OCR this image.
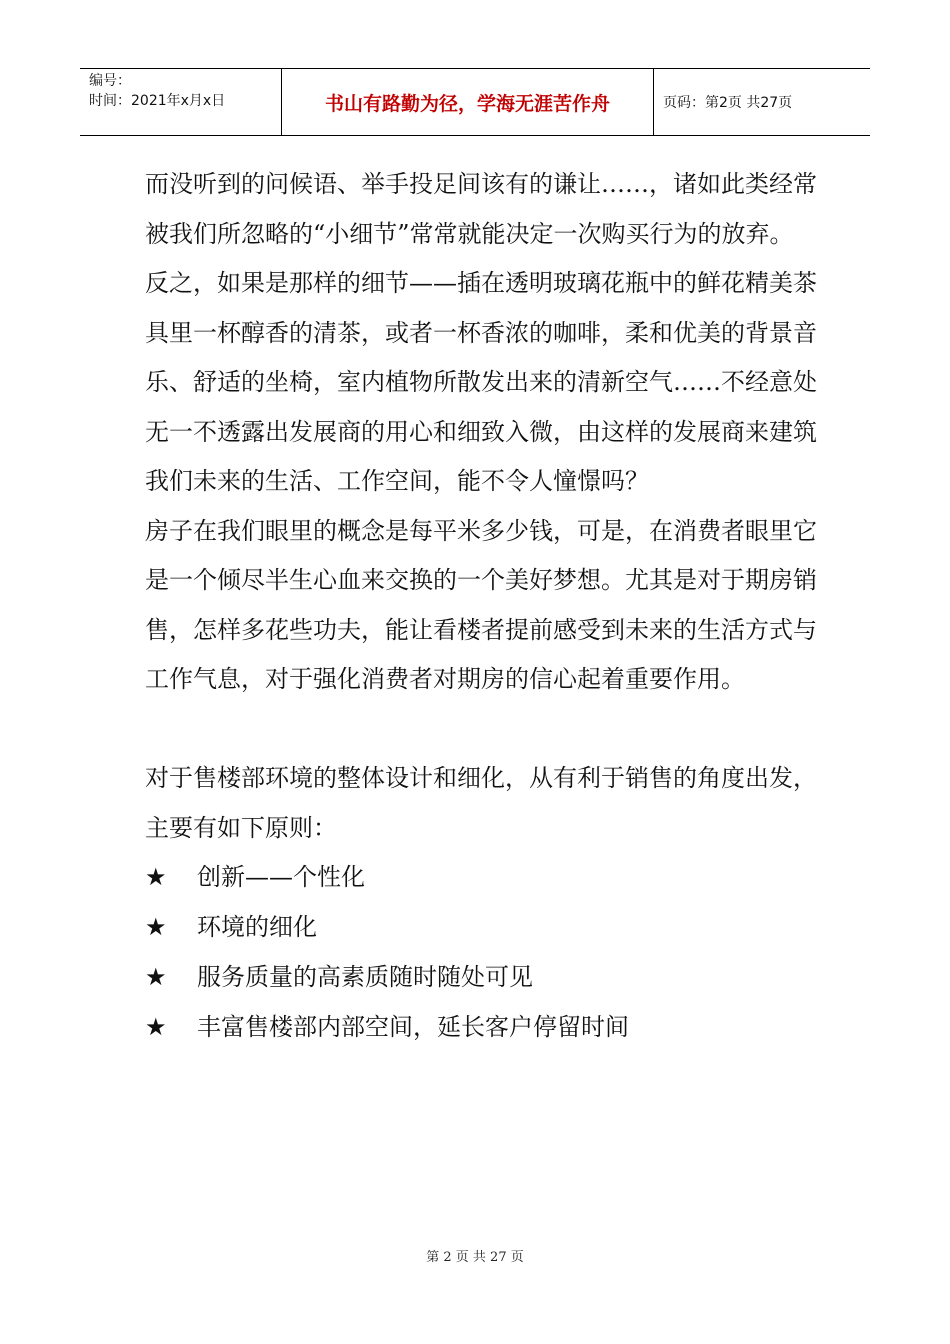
编号：
时间：2021年x月x日	书山有路勤为径，学海无涯苦作舟	页码：第2页 共27页

而没听到的问候语、举手投足间该有的谦让……，诸如此类经常被我们所忽略的“小细节”常常就能决定一次购买行为的放弃。

反之，如果是那样的细节——插在透明玻璃花瓶中的鲜花精美茶具里一杯醇香的清茶，或者一杯香浓的咖啡，柔和优美的背景音乐、舒适的坐椅，室内植物所散发出来的清新空气……不经意处无一不透露出发展商的用心和细致入微，由这样的发展商来建筑我们未来的生活、工作空间，能不令人憧憬吗？

房子在我们眼里的概念是每平米多少钱，可是，在消费者眼里它是一个倾尽半生心血来交换的一个美好梦想。尤其是对于期房销售，怎样多花些功夫，能让看楼者提前感受到未来的生活方式与工作气息，对于强化消费者对期房的信心起着重要作用。

对于售楼部环境的整体设计和细化，从有利于销售的角度出发，主要有如下原则：

★	创新——个性化
★	环境的细化
★	服务质量的高素质随时随处可见
★	丰富售楼部内部空间，延长客户停留时间
第 2 页 共 27 页
